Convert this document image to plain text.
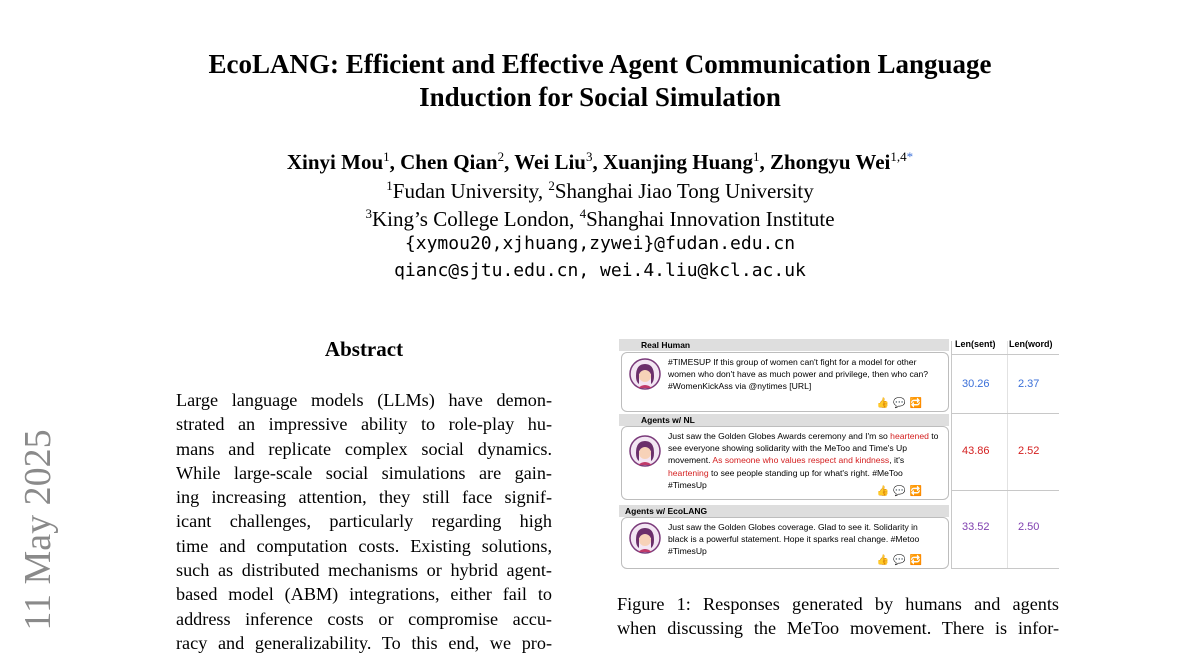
11 May 2025
EcoLANG: Efficient and Effective Agent Communication Language
Induction for Social Simulation
Xinyi Mou$^1$, Chen Qian$^2$, Wei Liu$^3$, Xuanjing Huang$^1$, Zhongyu Wei$^{1,4*}$
$^1$Fudan University, $^2$Shanghai Jiao Tong University
$^3$King’s College London, $^4$Shanghai Innovation Institute
{xymou20,xjhuang,zywei}@fudan.edu.cn
qianc@sjtu.edu.cn, wei.4.liu@kcl.ac.uk
Abstract
Large language models (LLMs) have demon-
strated an impressive ability to role-play hu-
mans and replicate complex social dynamics.
While large-scale social simulations are gain-
ing increasing attention, they still face signif-
icant challenges, particularly regarding high
time and computation costs. Existing solutions,
such as distributed mechanisms or hybrid agent-
based model (ABM) integrations, either fail to
address inference costs or compromise accu-
racy and generalizability. To this end, we pro-
Len(sent) Len(word)
Real Human
#TIMESUP If this group of women can't fight for a model for other women who don't have as much power and privilege, then who can? #WomenKickAss via @nytimes [URL]
👍💬🔁
30.26	2.37
Agents w/ NL
Just saw the Golden Globes Awards ceremony and I'm so heartened to see everyone showing solidarity with the MeToo and Time's Up movement. As someone who values respect and kindness, it's heartening to see people standing up for what's right. #MeToo #TimesUp
👍💬🔁
43.86	2.52
Agents w/ EcoLANG
Just saw the Golden Globes coverage. Glad to see it. Solidarity in black is a powerful statement. Hope it sparks real change. #Metoo #TimesUp
👍💬🔁
33.52	2.50
Figure 1: Responses generated by humans and agents
when discussing the MeToo movement. There is infor-
